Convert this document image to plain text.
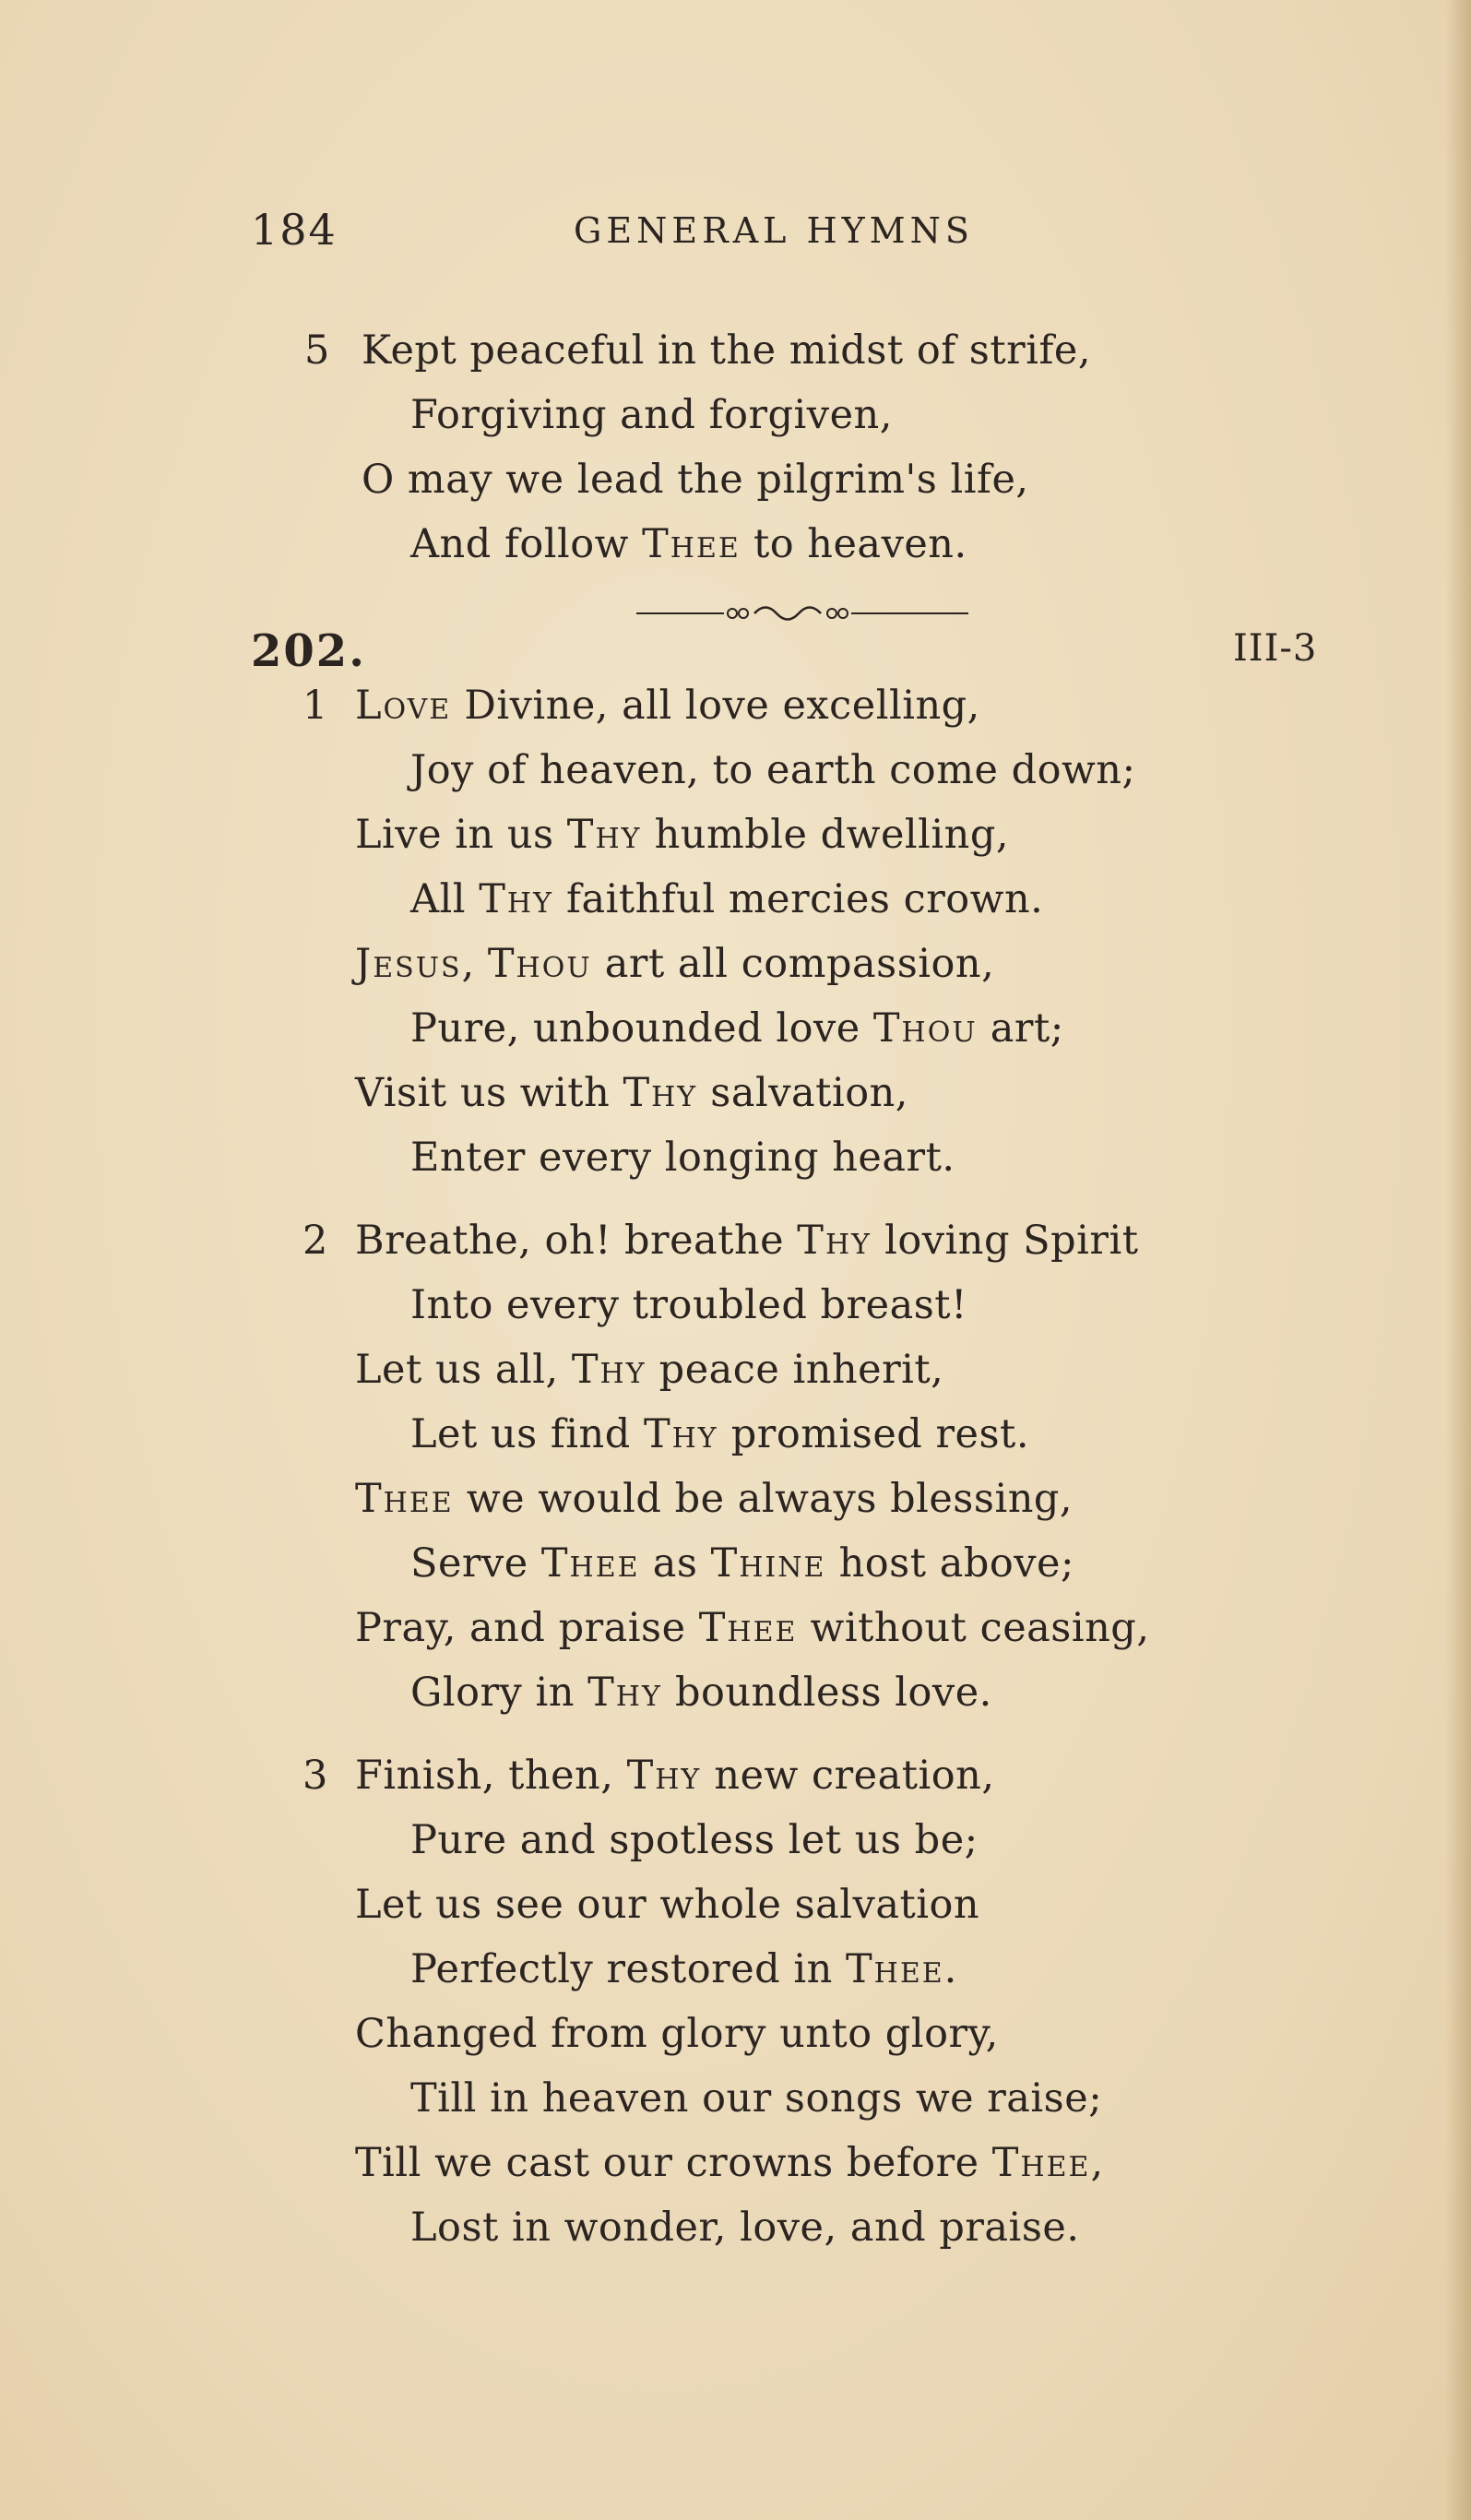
184	GENERAL HYMNS
5 Kept peaceful in the midst of strife,
Forgiving and forgiven,
O may we lead the pilgrim's life,
And follow Thee to heaven.
202.	III-3
1 Love Divine, all love excelling,
Joy of heaven, to earth come down;
Live in us Thy humble dwelling,
All Thy faithful mercies crown.
Jesus, Thou art all compassion,
Pure, unbounded love Thou art;
Visit us with Thy salvation,
Enter every longing heart.
2 Breathe, oh! breathe Thy loving Spirit
Into every troubled breast!
Let us all, Thy peace inherit,
Let us find Thy promised rest.
Thee we would be always blessing,
Serve Thee as Thine host above;
Pray, and praise Thee without ceasing,
Glory in Thy boundless love.
3 Finish, then, Thy new creation,
Pure and spotless let us be;
Let us see our whole salvation
Perfectly restored in Thee.
Changed from glory unto glory,
Till in heaven our songs we raise;
Till we cast our crowns before Thee,
Lost in wonder, love, and praise.
